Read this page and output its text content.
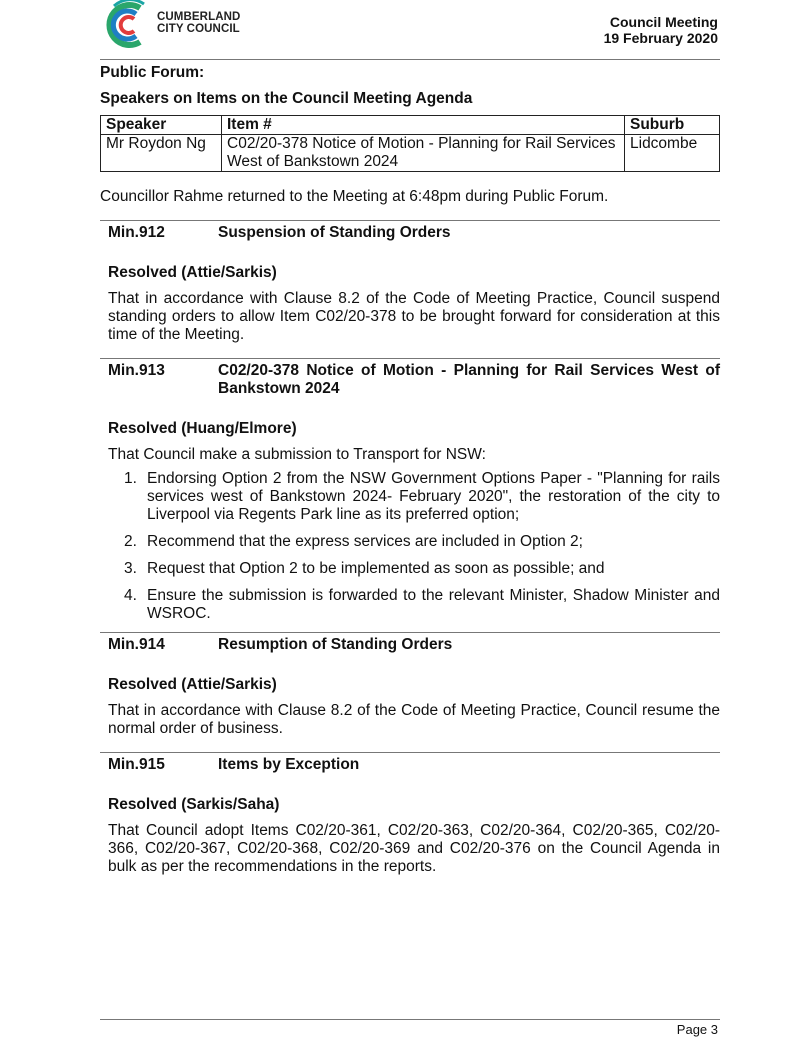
CUMBERLAND
CITY COUNCIL	Council Meeting
19 February 2020
Public Forum:
Speakers on Items on the Council Meeting Agenda
Speaker	Item #	Suburb
Mr Roydon Ng	C02/20-378 Notice of Motion - Planning for Rail Services West of Bankstown 2024	Lidcombe
Councillor Rahme returned to the Meeting at 6:48pm during Public Forum.
Min.912	Suspension of Standing Orders
Resolved (Attie/Sarkis)
That in accordance with Clause 8.2 of the Code of Meeting Practice, Council suspend standing orders to allow Item C02/20-378 to be brought forward for consideration at this time of the Meeting.
Min.913	C02/20-378 Notice of Motion - Planning for Rail Services West of Bankstown 2024
Resolved (Huang/Elmore)
That Council make a submission to Transport for NSW:
1. Endorsing Option 2 from the NSW Government Options Paper - "Planning for rails services west of Bankstown 2024- February 2020", the restoration of the city to Liverpool via Regents Park line as its preferred option;
2. Recommend that the express services are included in Option 2;
3. Request that Option 2 to be implemented as soon as possible; and
4. Ensure the submission is forwarded to the relevant Minister, Shadow Minister and WSROC.
Min.914	Resumption of Standing Orders
Resolved (Attie/Sarkis)
That in accordance with Clause 8.2 of the Code of Meeting Practice, Council resume the normal order of business.
Min.915	Items by Exception
Resolved (Sarkis/Saha)
That Council adopt Items C02/20-361, C02/20-363, C02/20-364, C02/20-365, C02/20-366, C02/20-367, C02/20-368, C02/20-369 and C02/20-376 on the Council Agenda in bulk as per the recommendations in the reports.
Page 3
